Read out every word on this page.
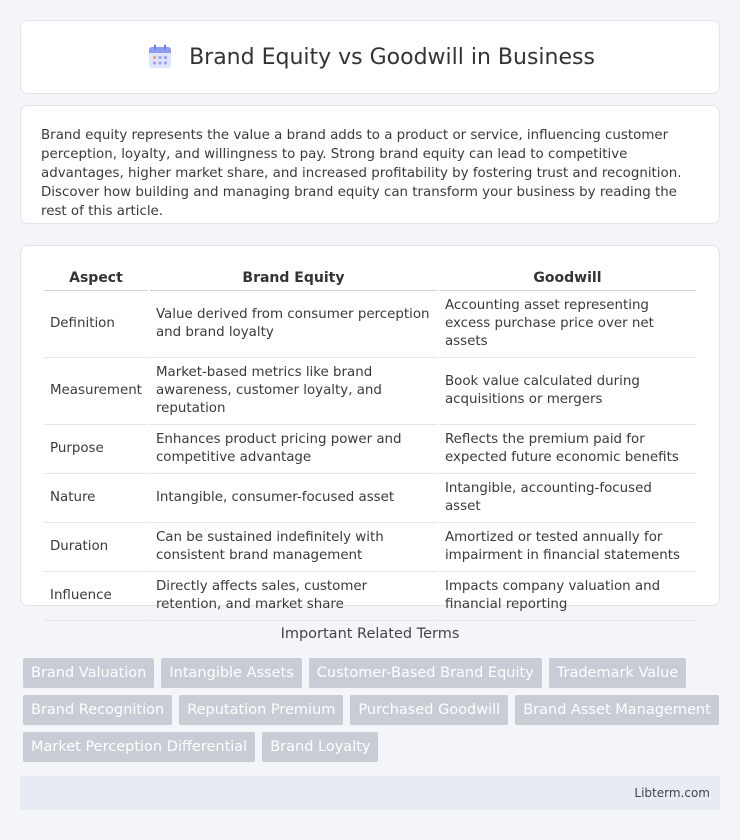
Brand Equity vs Goodwill in Business

Brand equity represents the value a brand adds to a product or service, influencing customer perception, loyalty, and willingness to pay. Strong brand equity can lead to competitive advantages, higher market share, and increased profitability by fostering trust and recognition. Discover how building and managing brand equity can transform your business by reading the rest of this article.

Aspect	Brand Equity	Goodwill
Definition	Value derived from consumer perception and brand loyalty	Accounting asset representing excess purchase price over net assets
Measurement	Market-based metrics like brand awareness, customer loyalty, and reputation	Book value calculated during acquisitions or mergers
Purpose	Enhances product pricing power and competitive advantage	Reflects the premium paid for expected future economic benefits
Nature	Intangible, consumer-focused asset	Intangible, accounting-focused asset
Duration	Can be sustained indefinitely with consistent brand management	Amortized or tested annually for impairment in financial statements
Influence	Directly affects sales, customer retention, and market share	Impacts company valuation and financial reporting
Important Related Terms
Brand Valuation	Intangible Assets	Customer-Based Brand Equity	Trademark Value
Brand Recognition	Reputation Premium	Purchased Goodwill	Brand Asset Management
Market Perception Differential	Brand Loyalty
Libterm.com
